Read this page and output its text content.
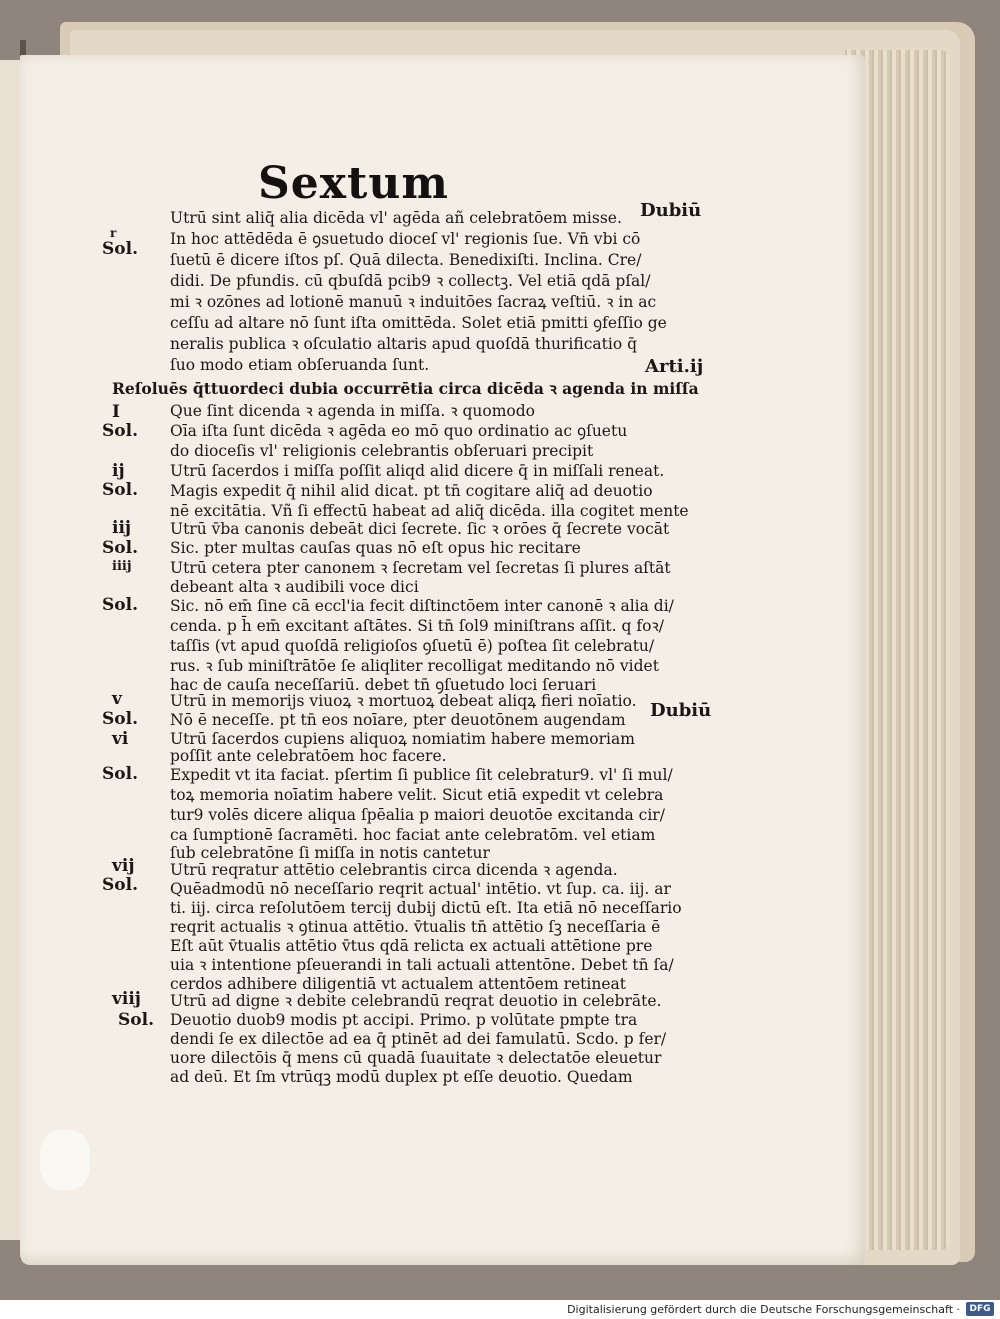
Sextum
Dubiū
Arti.ij
Dubiū
r
Sol.
I
Sol.
ij
Sol.
iij
Sol.
iiij
Sol.
v
Sol.
vi
Sol.
vij
Sol.
viij
Sol.
Utrū sint aliq̄ alia dicēda vl' agēda añ celebratōem misse.
In hoc attēdēda ē ꝯsuetudo dioceſ vl' regionis ſue. Vn̄ vbi cō
ſuetū ē dicere iſtos pſ. Quā dilecta. Benedixiſti. Inclina. Cre/
didi. De pfundis. cū qbuſdā pcib9 ꝛ collectꝫ. Vel etiā qdā pſal/
mi ꝛ ozōnes ad lotionē manuū ꝛ induitōes ſacraꝝ veſtiū. ꝛ in ac
ceſſu ad altare nō ſunt iſta omittēda. Solet etiā pmitti ꝯfeſſio ge
neralis publica ꝛ oſculatio altaris apud quoſdā thurificatio q̄
ſuo modo etiam obſeruanda ſunt.
Reſoluēs q̄ttuordeci dubia occurrētia circa dicēda ꝛ agenda in miſſa
Que ſint dicenda ꝛ agenda in miſſa. ꝛ quomodo
Oīa iſta ſunt dicēda ꝛ agēda eo mō quo ordinatio ac ꝯſuetu
do dioceſis vl' religionis celebrantis obſeruari precipit
Utrū ſacerdos i miſſa poſſit aliqd alid dicere q̄ in miſſali reneat.
Magis expedit q̄ nihil alid dicat. pt tn̄ cogitare aliq̄ ad deuotio
nē excitātia. Vñ ſi effectū habeat ad aliq̄ dicēda. illa cogitet mente
Utrū v̄ba canonis debeāt dici ſecrete. ſic ꝛ orōes q̄ ſecrete vocāt
Sic. pter multas cauſas quas nō eſt opus hic recitare
Utrū cetera pter canonem ꝛ ſecretam vel ſecretas ſi plures aſtāt
debeant alta ꝛ audibili voce dici
Sic. nō em̄ ſine cā eccl'ia fecit diſtinctōem inter canonē ꝛ alia di/
cenda. p h̄ em̄ excitant aſtātes. Si tn̄ ſol9 miniſtrans aſſit. q foꝛ/
taſſis (vt apud quoſdā religioſos ꝯſuetū ē) poſtea ſit celebratu/
rus. ꝛ ſub miniſtrātōe ſe aliqliter recolligat meditando nō videt
hac de cauſa neceſſariū. debet tn̄ ꝯſuetudo loci ſeruari
Utrū in memorijs viuoꝝ ꝛ mortuoꝝ debeat aliqꝝ fieri noīatio.
Nō ē neceſſe. pt tn̄ eos noīare, pter deuotōnem augendam
Utrū ſacerdos cupiens aliquoꝝ nomiatim habere memoriam
poſſit ante celebratōem hoc facere.
Expedit vt ita faciat. pſertim ſi publice ſit celebratur9. vl' ſi mul/
toꝝ memoria noīatim habere velit. Sicut etiā expedit vt celebra
tur9 volēs dicere aliqua ſpēalia p maiori deuotōe excitanda cir/
ca ſumptionē ſacramēti. hoc faciat ante celebratōm. vel etiam
ſub celebratōne ſi miſſa in notis cantetur
Utrū reqratur attētio celebrantis circa dicenda ꝛ agenda.
Quēadmodū nō neceſſario reqrit actual' intētio. vt ſup. ca. iij. ar
ti. iij. circa reſolutōem tercij dubij dictū eſt. Ita etiā nō neceſſario
reqrit actualis ꝛ ꝯtinua attētio. v̄tualis tn̄ attētio ſꝫ neceſſaria ē
Eſt aūt v̄tualis attētio v̄tus qdā relicta ex actuali attētione pre
uia ꝛ intentione pſeuerandi in tali actuali attentōne. Debet tn̄ ſa/
cerdos adhibere diligentiā vt actualem attentōem retineat
Utrū ad digne ꝛ debite celebrandū reqrat deuotio in celebrāte.
Deuotio duob9 modis pt accipi. Primo. p volūtate pmpte tra
dendi ſe ex dilectōe ad ea q̄ ptinēt ad dei famulatū. Scdo. p fer/
uore dilectōis q̄ mens cū quadā ſuauitate ꝛ delectatōe eleuetur
ad deū. Et ſm vtrūqꝫ modū duplex pt eſſe deuotio. Quedam
Digitalisierung gefördert durch die Deutsche Forschungsgemeinschaft ·	DFG
